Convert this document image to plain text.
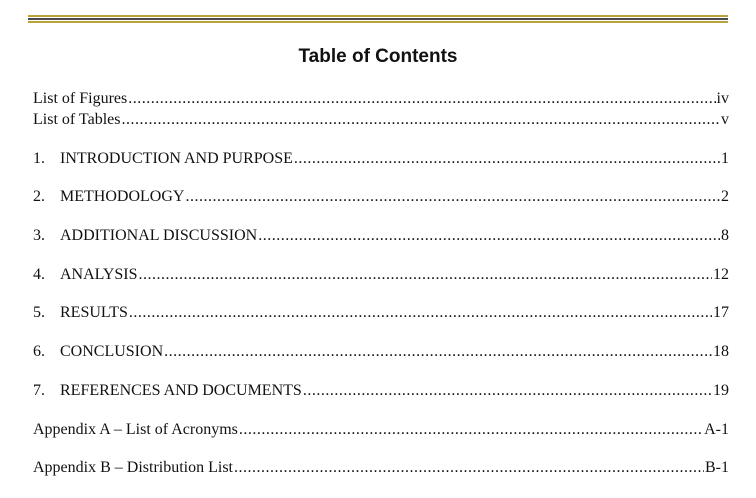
Table of Contents
List of Figures .....	iv
List of Tables .....	v
1. INTRODUCTION AND PURPOSE .....	1
2. METHODOLOGY .....	2
3. ADDITIONAL DISCUSSION .....	8
4. ANALYSIS .....	12
5. RESULTS .....	17
6. CONCLUSION .....	18
7. REFERENCES AND DOCUMENTS .....	19
Appendix A – List of Acronyms .....	A-1
Appendix B – Distribution List .....	B-1
